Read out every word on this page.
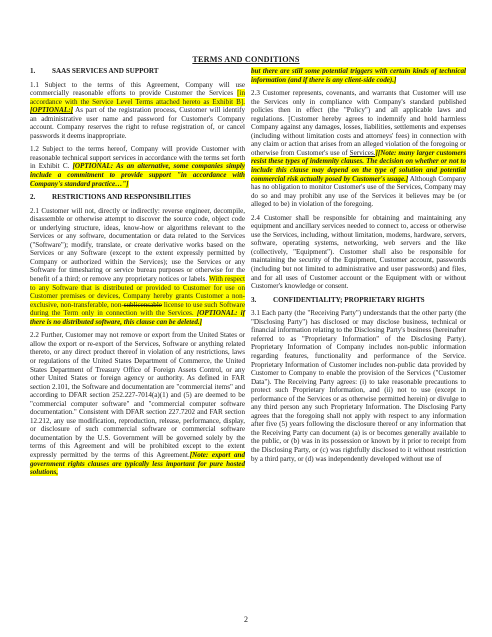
TERMS AND CONDITIONS
1. SAAS SERVICES AND SUPPORT

1.1 Subject to the terms of this Agreement, Company will use commercially reasonable efforts to provide Customer the Services [in accordance with the Service Level Terms attached hereto as Exhibit B]. [OPTIONAL:] As part of the registration process, Customer will identify an administrative user name and password for Customer's Company account. Company reserves the right to refuse registration of, or cancel passwords it deems inappropriate.

1.2 Subject to the terms hereof, Company will provide Customer with reasonable technical support services in accordance with the terms set forth in Exhibit C. [OPTIONAL: As an alternative, some companies simply include a commitment to provide support "in accordance with Company's standard practice…"]

2. RESTRICTIONS AND RESPONSIBILITIES

2.1 Customer will not, directly or indirectly: reverse engineer, decompile, disassemble or otherwise attempt to discover the source code, object code or underlying structure, ideas, know-how or algorithms relevant to the Services or any software, documentation or data related to the Services ("Software"); modify, translate, or create derivative works based on the Services or any Software (except to the extent expressly permitted by Company or authorized within the Services); use the Services or any Software for timesharing or service bureau purposes or otherwise for the benefit of a third; or remove any proprietary notices or labels. With respect to any Software that is distributed or provided to Customer for use on Customer premises or devices, Company hereby grants Customer a non-exclusive, non-transferable, non-sublicensable license to use such Software during the Term only in connection with the Services. [OPTIONAL: if there is no distributed software, this clause can be deleted.]

2.2 Further, Customer may not remove or export from the United States or allow the export or re-export of the Services, Software or anything related thereto, or any direct product thereof in violation of any restrictions, laws or regulations of the United States Department of Commerce, the United States Department of Treasury Office of Foreign Assets Control, or any other United States or foreign agency or authority. As defined in FAR section 2.101, the Software and documentation are "commercial items" and according to DFAR section 252.227-7014(a)(1) and (5) are deemed to be "commercial computer software" and "commercial computer software documentation." Consistent with DFAR section 227.7202 and FAR section 12.212, any use modification, reproduction, release, performance, display, or disclosure of such commercial software or commercial software documentation by the U.S. Government will be governed solely by the terms of this Agreement and will be prohibited except to the extent expressly permitted by the terms of this Agreement.[Note: export and government rights clauses are typically less important for pure hosted solutions,

but there are still some potential triggers with certain kinds of technical information (and if there is any client-side code).]

2.3 Customer represents, covenants, and warrants that Customer will use the Services only in compliance with Company's standard published policies then in effect (the "Policy") and all applicable laws and regulations. [Customer hereby agrees to indemnify and hold harmless Company against any damages, losses, liabilities, settlements and expenses (including without limitation costs and attorneys' fees) in connection with any claim or action that arises from an alleged violation of the foregoing or otherwise from Customer's use of Services.][Note: many larger customers resist these types of indemnity clauses. The decision on whether or not to include this clause may depend on the type of solution and potential commercial risk actually posed by Customer's usage.] Although Company has no obligation to monitor Customer's use of the Services, Company may do so and may prohibit any use of the Services it believes may be (or alleged to be) in violation of the foregoing.

2.4 Customer shall be responsible for obtaining and maintaining any equipment and ancillary services needed to connect to, access or otherwise use the Services, including, without limitation, modems, hardware, servers, software, operating systems, networking, web servers and the like (collectively, "Equipment"). Customer shall also be responsible for maintaining the security of the Equipment, Customer account, passwords (including but not limited to administrative and user passwords) and files, and for all uses of Customer account or the Equipment with or without Customer's knowledge or consent.

3. CONFIDENTIALITY; PROPRIETARY RIGHTS

3.1 Each party (the "Receiving Party") understands that the other party (the "Disclosing Party") has disclosed or may disclose business, technical or financial information relating to the Disclosing Party's business (hereinafter referred to as "Proprietary Information" of the Disclosing Party). Proprietary Information of Company includes non-public information regarding features, functionality and performance of the Service. Proprietary Information of Customer includes non-public data provided by Customer to Company to enable the provision of the Services ("Customer Data"). The Receiving Party agrees: (i) to take reasonable precautions to protect such Proprietary Information, and (ii) not to use (except in performance of the Services or as otherwise permitted herein) or divulge to any third person any such Proprietary Information. The Disclosing Party agrees that the foregoing shall not apply with respect to any information after five (5) years following the disclosure thereof or any information that the Receiving Party can document (a) is or becomes generally available to the public, or (b) was in its possession or known by it prior to receipt from the Disclosing Party, or (c) was rightfully disclosed to it without restriction by a third party, or (d) was independently developed without use of

2
